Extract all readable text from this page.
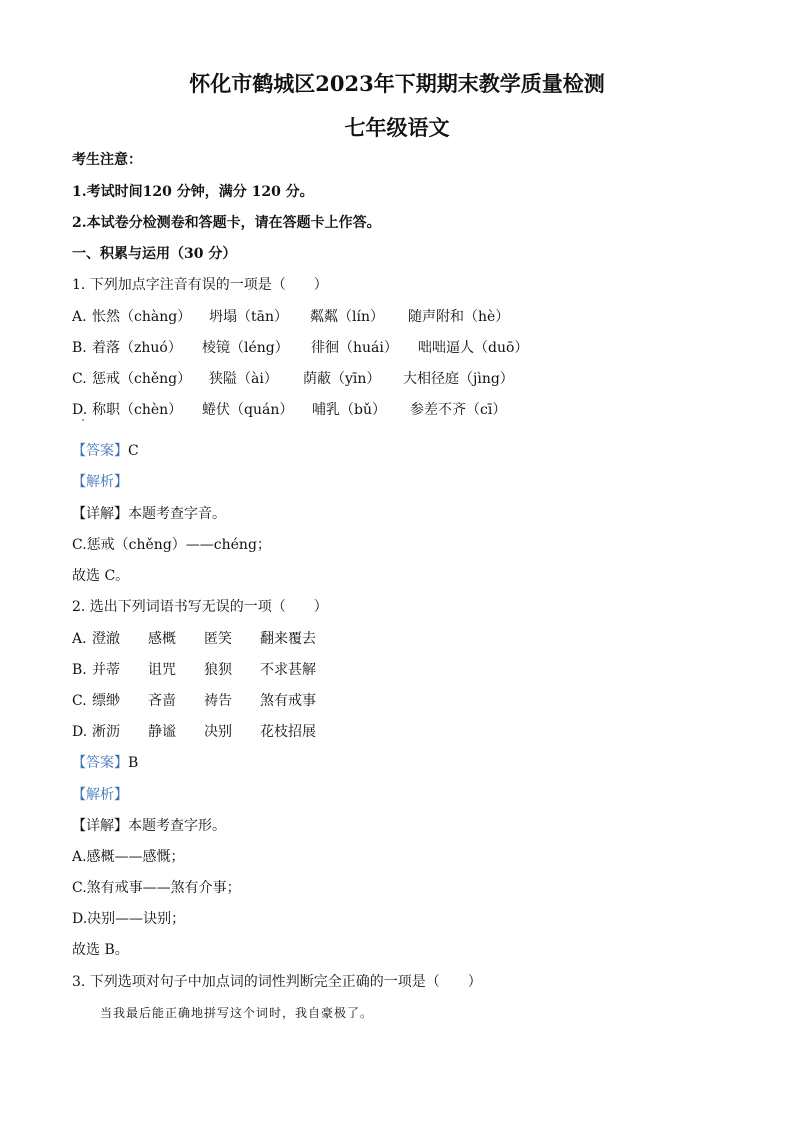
怀化市鹤城区2023年下期期末教学质量检测
七年级语文
考生注意：
1.考试时间120 分钟，满分 120 分。
2.本试卷分检测卷和答题卡，请在答题卡上作答。
一、积累与运用（30 分）
1. 下列加点字注音有误的一项是（　　）
A. 怅然（chàng） 坍塌（tān） 粼粼（lín） 随声附和（hè）
B. 着落（zhuó） 棱镜（léng） 徘徊（huái） 咄咄逼人（duō）
C. 惩戒（chěng） 狭隘（ài） 荫蔽（yīn） 大相径庭（jìng）
D. 称职（chèn） 蜷伏（quán） 哺乳（bǔ） 参差不齐（cī）
【答案】C
【解析】
【详解】本题考查字音。
C.惩戒（chěng）——chéng；
故选 C。
2. 选出下列词语书写无误的一项（　　）
A. 澄澈 感概 匿笑 翻来覆去
B. 并蒂 诅咒 狼狈 不求甚解
C. 缥缈 吝啬 祷告 煞有戒事
D. 淅沥 静谧 决别 花枝招展
【答案】B
【解析】
【详解】本题考查字形。
A.感概——感慨；
C.煞有戒事——煞有介事；
D.决别——诀别；
故选 B。
3. 下列选项对句子中加点词的词性判断完全正确的一项是（　　）
当我最后能正确地拼写这个词时，我自豪极了。
